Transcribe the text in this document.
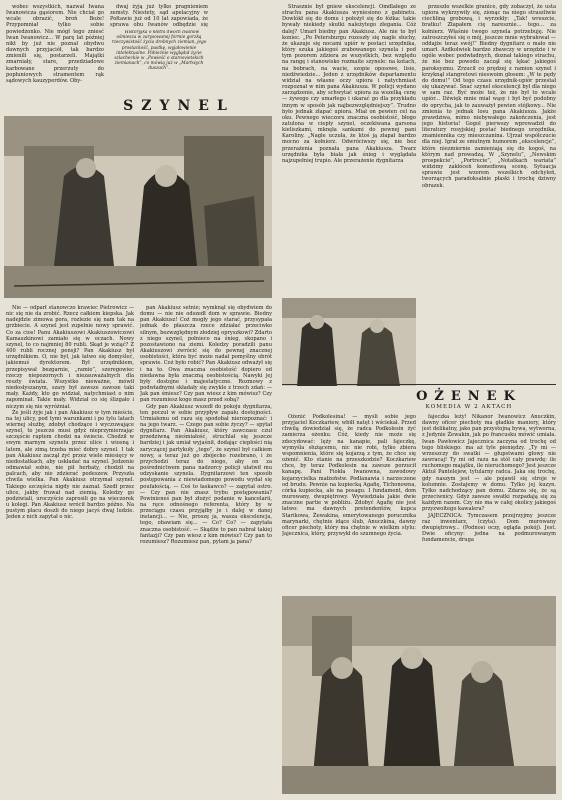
wobec wszystkich, nazwał Iwana Iwanowicza gąsiorem. Nie chciał go wcale obrazić, broń Boże! Przypomniał tylko sobie powiedzonko. Nie mógł tego zniesć Iwan Iwanowicz... W parę lat później nikt by już nie poznał obydwu dawnych przyjaciół, tak bardzo zmienili się, postarzeli. Majątki zmarniały, stare, przedziadowe karbowane przerzuty do popłuniowych stramentem rąk sądowych kauzyperdów. Oby-

dwaj żyją już tylko pragnieniem zemsty. Niestety, sąd apelacyjny w Połtawie już od 10 lat zapowiada, że sprawa obu Iwanów odbędzie się

Historyjka o kłótni dwóch Iwanów ośmiesza w zarysowanej formie gorzką rzeczywistość życia drobnych ziemian, jego prostackość, pustkę, wyjałowienie intelektualne. Pobieżnie wyglądał życie szlacheckie w „Powieść o starosvietskich ziemianach”, co mówią już w „Martwych duszach”.

Strasznie był gniew ekscelencji. Omdlałego ze strachu pana Akakiusza wyniesiono z gabinetu. Dowlókł się do domu i położył się do łóżka: takie bywały niekiedy skutki należytego złegania. Cóż dalej? Umarł biedny pan Akakiusz. Ale nie to był koniec. „Po Petersburgu rozeszły się nagle słuchy, że ukazuje się nocami upiór w postaci urzędnika, który szuka jakiegoś zrabowanego szynela i pod tym pozorem zdziera ze wszystkich, bez względu na rangę i stanowisko rozmaite szynele: na kotach, na bobrach, na wacie, szopie oposowe, lisie, niedźwiedzie... Jeden z urzędników departamentu widział na własne oczy upiora i natychmiast rozpoznał w nim pana Akakiusza. W policji wydano zarządzenie, aby schwytać upiora za wszelką cenę — żywego czy umarłego i ukarać go dla przykładu innym w sposób jak najbezwzględniejszy”. Trudno było jednak złapać upiora. Miał on pewien cel na oku. Pewnego wieczoru znaczna osobistość, błogo zatulona w ciepły szynel, oczekiwana garsona kieliszkami, mknęła sankami do pewnej pani Karoliny. „Nagle uczuła, że ktoś ją złapał bardzo mocno za kołnierz. Odwróciwszy się, nie bez przerażenia poznała pana Akakiusza. Twarz urzędnika była biała jak śnieg i wyglądała najzupełniej trupio. Ale przerażenie dygnitarza

przeszło wszelkie granice, gdy zobaczył, że usta upiora wykrzywiły się, zionąc na niego straszliwie ciechliną grobową, i wyrzekły: „Tak! wreszcie, bratku! Złapałem cię naresznie... tego... za kołnierz. Właśnie twego szynela potrzebuję. Nie zatroszczyłeś się o mój, jeszcze mnie wybrałował — oddajże teraz swój!” Biedny dygnitarz o mało nie umarł. Azdkolwiek bardzo zbawczy w urzędzie i w ogóle wobec podwładnych, doznał takiego strachu, że nie bez powodu zaczął się lękać jakiegoś paroksyzmu. Zrzucił co prędzej z ramion szynel i krzyknął stangretowi nieswoim głosem: „W te pędy do domu!” Od tego czasu urzędnik-upiór przestał się ukazywać. Snać szynel ekscelencji był dla niego w sam raz. Być może też, że nie był to wcale upiór... Dźwięk mnie miał wąsy i był być podobny do oprycha, jak to zauważył pewien stójkowy... Nie zmienia to jednak losu pana Akakiusza. Jakże prawdziwa, mimo niebywałego zakończenia, jest jego historia! Gogol pierwszy wprowadził do literatury rosyjskiej postać biednego urzędnika, znamiennika czy mieszczanina. Ujrzał współczucie dla niej. Igrał ze smutnym humorem „ekscelencje”, które niezmiernie zamieniają się do kogoś, na którym nad prowadzą. W „Szynelu”, „Newskim prospekcie”, „Portrecie”, „Notatkach wariata” widzimy zakłóceń komediową scenę. Sytuacja sprawie jest wzorem wszelkich odchyleń, tworzących paradoksalnie płaski i trochę dziwny obrazek.

SZYNEL

Nie — odparł stanowczo krawiec Pietrowicz — nic się nie da zrobić. Rzecz całkiem kiepska. Jak nadejdzie zimowa pora, rozlezie się nam tak na grzbiecie. A szynel jest zupełnie nowy sprawić. Co za cios! Panu Akakiuszowi Akakiuszowiczowi Kamaszkinowi zamiało się w oczach. Nowy szynel, to co najmniej 80 rubli. Skąd je wziąć? Z 400 rubli rocznej pensji? Pan Akakiusz był urzędnikiem. O, nie był, jak łatwo się domyśleć, jakiemuś dyrektorem. Był urzędnikiem, przepisywał bezgarnie, „ramie”, szeregowiec rzeczy niepozornych i niezauważalnych dla reszty świata. Wszystko nieważne, mówił niedosłyszanym, szary był zawsze zawsze taki mały. Każdy, kto go widział, natychmiast o nim zapominał. Takie mały. Widział co się ślizgało i niczym się nie wyróżniał.

Że jeśli żyje jak i pan Akakiusz w tym mieście, na tej ulicy, pod tymi warunkami i po tylu latach wiernej służby, zdobył chodzące i wyczuwające szynel, to jeszcze musi gdyż nieprzymierzając szczęście raptem chodzi na świecie. Chodził w swym marnym szynelu przez ulice i wiosną i latem, ale zimą trzeba mieć dobry szynel. I tak pan Akakiusz zaczął żyć przez wiele miesięcy w niedostatkach, aby uskładać na szynel. Jedzenie odmawiał sobie, nie pił herbaty, chodził na palcach, aby nie zdzierać podeszew. Przyszła chwila wielka. Pan Akakiusz otrzymał szynel. Takiego szczęścia nigdy nie zaznał. Szedł przez ulice, jakby fruwał nad ziemią. Koledzy go podziwiali, uroczyście zaprosili go na wieczorek u kolegi. Pan Akakiusz wrócił bardzo późno. Na pustym placu doszli do niego jacyś dwaj ludzie. Jeden z nich zapytał o nic.

pan Akakiusz setnie; wymknął się obydwiem do domu — nie nie odszedł dom w sprawie. Biedny pan Akakiusz! Coż mogły jego starać, przysypała jednak do płaszcza rzece zdziałać przeciwko silnym, bezwzględnym złodziej opryszkowi? Zdarto z niego szynel, połnieco na śnieg, skopano i pozostawiono na ziemi. Koledzy poradzili panu Akakiuszowi zwrócić się do pewnej znacznej osobistości, która być może nadał pomyślny obrót sprawie. Coż było robić? Pan Akakiusz odważył się i na to. Owa znaczna osobistość dopiero od niedawna była znaczną osobistością. Nawyki jej były dostojne i majestatyczne. Rozmowy z podwładnymi składały się zwykle z trzech zdań: — Jak pan śmiesz? Czy pan wiesz z kim mówisz? Czy pan rozumiesz kogo masz przed sobą?

Gdy pan Akakiusz wszedł do pokoju dygnitarza, ten poczuł w sobie przypływ zapału dostojności. Urmiałemu od razu się spodobał nierozpoznać: i na jego twarz. — Czego pan sobie życzy? — spytał dygnitarz. Pan Akakiusz, który zawczasu czuł przedziwną nieśmiałość, struchlał się jeszcze bardziej i jak umiał wyjaśnił, dodając ciepłości nią zaryczącej partykuły „tego”, że szynel był całkiem nowy, a teraz już go zbójecko rozebrano, i że przychodzi teraz do niego, aby on za pośrednictwem pana nadzorcy policji ułatwił mu odzyskanie szynela. Dygnitarzowi ten sposób postępowania z niewiadomego powodu wydał się poufałością. — Coś to łaskawco? — zapytał ostro. — Czy pan nie znasz trybu postępowania? Powinieneś pan był złożyć podanie w kancelarii, na ręce odnośnego referenta, który by w przeciągu czasu przyjąłby je i dalej w danej instancji... — Nie, proszę ja, wasza ekscelencja, tego, obawiam się... — Co? Co? — zapytała znaczna osobistość. — Skądże to pan nabrał takiej fantazji? Czy pan wiesz z kim mówisz? Czy pan to rozumiesz? Rozumiesz pan, pytam ja pana?

OŻENEK
KOMEDIA W 2 AKTACH

Ożenić Podkolesina! — myśli sobie jego przyjaciel Koczkariew, wbiłł natęt i wściekał. Przed chwilą dowiedział się, że radca Podkolesin żyć zamierza ożenku. Cóż, kiedy nie może się zdecydować: lęży na kanapie, pali fajeczkę, wymyśla służącemu, nic nie robi, tylko zbiera wspomnienia, które się kojarzą z tym, że chce się ożenić. Kto stanie na przeszkodzie? Koczkariew chce, by teraz Podkolesin na zawsze porzucił kanapę. Pani Fiokła Iwanowna, zawodowy kojarzycielka małżeństw. Podlanawia i narzeczone od brudu. Pewnie na kupiecką Agafię, Tichonowna, córka kupiecka, ale na posagu. I fundament, dom murowany, dwupiętrowy. Wywiedziała jakie dwie znaczne partie w pobliżu. Zdobyć Agafię nie jest łatwo: ma dawnych pretendentów, kupca Starikowa, Żewakina, emerytowanego porucznika marynarki, chętnie idące ślub, Anuczkina, dawny oficer piechoty, który ma chętnie w wielkim stylu: Jajecznica, który, przywykł do szumnego życia.

fajeczka leży! Nikanor Iwanowicz Anuczkin, dawny oficer piechoty ma gładkie maniery, który jest delikatny, jako pan przystojną bywa, wytworna, z Jedynie Żewakin, jak po francusku mówić umiała. Iwan Pawłowicz Jajecznica zaczyna od trochę od tego bliskiego: ma aż tyle pieniędzy. „Ty mi — wrzeszczy do swatki — głupstwami głowy nie zawracaj! Ty mi od razu na stół cały prawdę: ile ruchomego majątku, ile nieruchomego? Jest jeszcze Aktuł Pantelejew, tytularny radca. Jaka się trochę, gdy naszym jest — ale pojawił się stroje w kolumnie. Zostajemy w domu. Tylko jej kuzyn. Tylko nadchodzący pan domu. Zdarza się, że są przeciwnicy. Gdyż zawsze swatki rozpadają się za każdym razem. Czy nie ma w całej okolicy jakiegoś przyzwoitego kawalera?

JAJECZNICA: Tymczasem przejrzyjmy jeszcze raz inwentarz, (czyta). Dom murowany dwupiętrowy... (Podnosi oczy, ogląda pokój). Jest. Dwie oficyny: jedna na podmurowanym fundamencie, druga
